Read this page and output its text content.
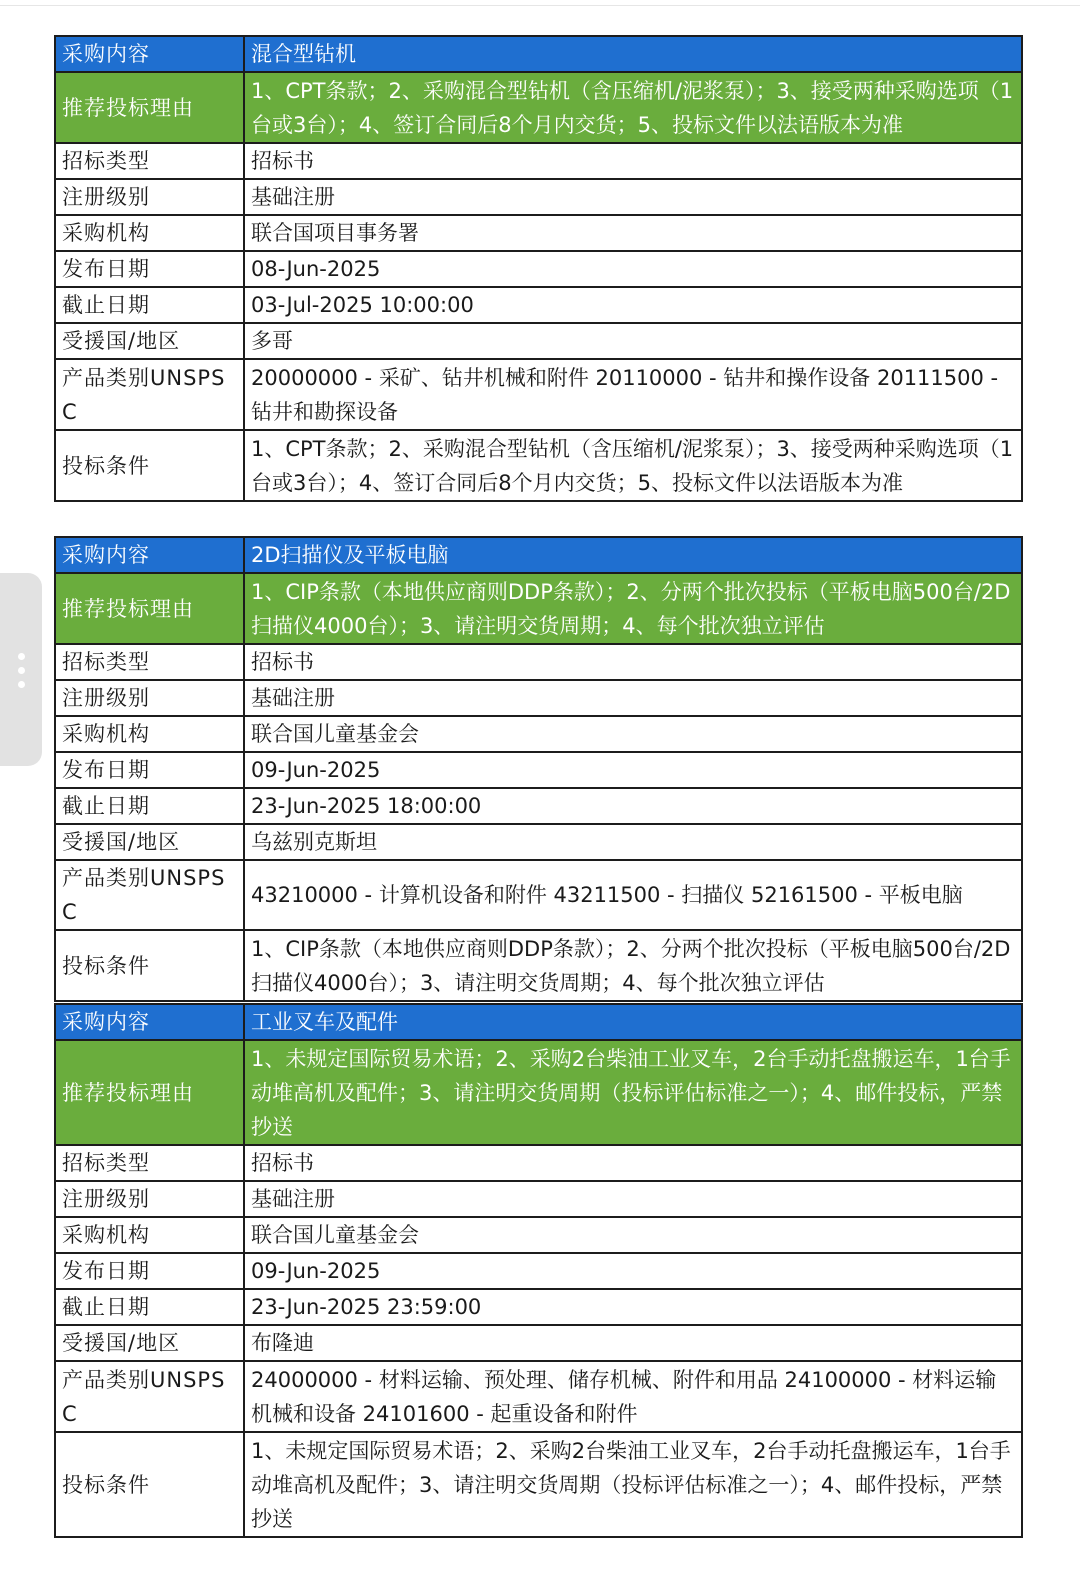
采购内容	混合型钻机
推荐投标理由	1、CPT条款；2、采购混合型钻机（含压缩机/泥浆泵）；3、接受两种采购选项（1台或3台）；4、签订合同后8个月内交货；5、投标文件以法语版本为准
招标类型	招标书
注册级别	基础注册
采购机构	联合国项目事务署
发布日期	08-Jun-2025
截止日期	03-Jul-2025 10:00:00
受援国/地区	多哥
产品类别UNSPSC	20000000 - 采矿、钻井机械和附件 20110000 - 钻井和操作设备 20111500 - 钻井和勘探设备
投标条件	1、CPT条款；2、采购混合型钻机（含压缩机/泥浆泵）；3、接受两种采购选项（1台或3台）；4、签订合同后8个月内交货；5、投标文件以法语版本为准
采购内容	2D扫描仪及平板电脑
推荐投标理由	1、CIP条款（本地供应商则DDP条款）；2、分两个批次投标（平板电脑500台/2D扫描仪4000台）；3、请注明交货周期；4、每个批次独立评估
招标类型	招标书
注册级别	基础注册
采购机构	联合国儿童基金会
发布日期	09-Jun-2025
截止日期	23-Jun-2025 18:00:00
受援国/地区	乌兹别克斯坦
产品类别UNSPSC	43210000 - 计算机设备和附件 43211500 - 扫描仪 52161500 - 平板电脑
投标条件	1、CIP条款（本地供应商则DDP条款）；2、分两个批次投标（平板电脑500台/2D扫描仪4000台）；3、请注明交货周期；4、每个批次独立评估
采购内容	工业叉车及配件
推荐投标理由	1、未规定国际贸易术语；2、采购2台柴油工业叉车，2台手动托盘搬运车，1台手动堆高机及配件；3、请注明交货周期（投标评估标准之一）；4、邮件投标，严禁抄送
招标类型	招标书
注册级别	基础注册
采购机构	联合国儿童基金会
发布日期	09-Jun-2025
截止日期	23-Jun-2025 23:59:00
受援国/地区	布隆迪
产品类别UNSPSC	24000000 - 材料运输、预处理、储存机械、附件和用品 24100000 - 材料运输机械和设备 24101600 - 起重设备和附件
投标条件	1、未规定国际贸易术语；2、采购2台柴油工业叉车，2台手动托盘搬运车，1台手动堆高机及配件；3、请注明交货周期（投标评估标准之一）；4、邮件投标，严禁抄送
